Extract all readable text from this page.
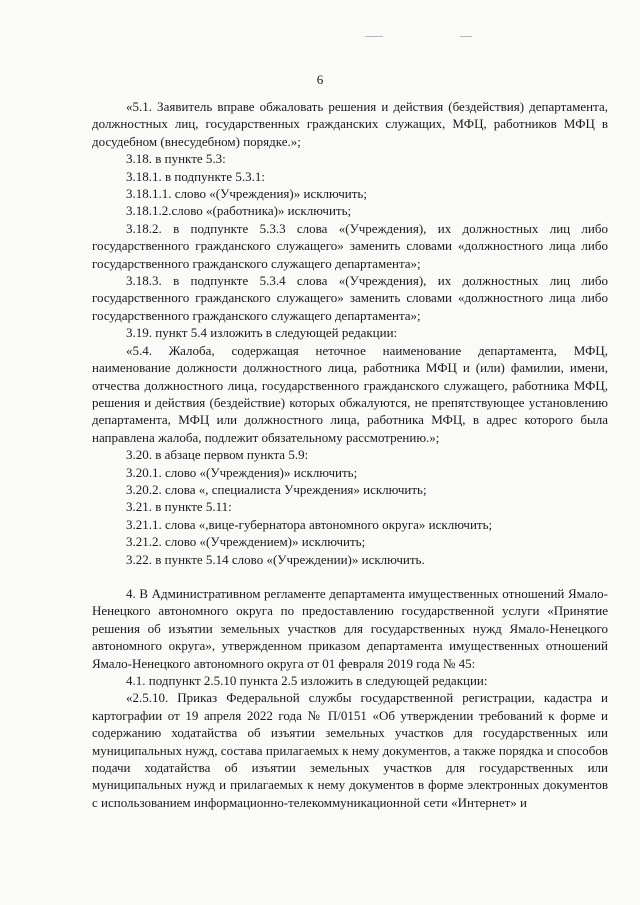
6

«5.1. Заявитель вправе обжаловать решения и действия (бездействия) департамента, должностных лиц, государственных гражданских служащих, МФЦ, работников МФЦ в досудебном (внесудебном) порядке.»;

3.18. в пункте 5.3:

3.18.1. в подпункте 5.3.1:

3.18.1.1. слово «(Учреждения)» исключить;

3.18.1.2.слово «(работника)» исключить;

3.18.2. в подпункте 5.3.3 слова «(Учреждения), их должностных лиц либо государственного гражданского служащего» заменить словами «должностного лица либо государственного гражданского служащего департамента»;

3.18.3. в подпункте 5.3.4 слова «(Учреждения), их должностных лиц либо государственного гражданского служащего» заменить словами «должностного лица либо государственного гражданского служащего департамента»;

3.19. пункт 5.4 изложить в следующей редакции:

«5.4. Жалоба, содержащая неточное наименование департамента, МФЦ, наименование должности должностного лица, работника МФЦ и (или) фамилии, имени, отчества должностного лица, государственного гражданского служащего, работника МФЦ, решения и действия (бездействие) которых обжалуются, не препятствующее установлению департамента, МФЦ или должностного лица, работника МФЦ, в адрес которого была направлена жалоба, подлежит обязательному рассмотрению.»;

3.20. в абзаце первом пункта 5.9:

3.20.1. слово «(Учреждения)» исключить;

3.20.2. слова «, специалиста Учреждения» исключить;

3.21. в пункте 5.11:

3.21.1. слова «,вице-губернатора автономного округа» исключить;

3.21.2. слово «(Учреждением)» исключить;

3.22. в пункте 5.14 слово «(Учреждении)» исключить.

4. В Административном регламенте департамента имущественных отношений Ямало-Ненецкого автономного округа по предоставлению государственной услуги «Принятие решения об изъятии земельных участков для государственных нужд Ямало-Ненецкого автономного округа», утвержденном приказом департамента имущественных отношений Ямало-Ненецкого автономного округа от 01 февраля 2019 года № 45:

4.1. подпункт 2.5.10 пункта 2.5 изложить в следующей редакции:

«2.5.10. Приказ Федеральной службы государственной регистрации, кадастра и картографии от 19 апреля 2022 года № П/0151 «Об утверждении требований к форме и содержанию ходатайства об изъятии земельных участков для государственных или муниципальных нужд, состава прилагаемых к нему документов, а также порядка и способов подачи ходатайства об изъятии земельных участков для государственных или муниципальных нужд и прилагаемых к нему документов в форме электронных документов с использованием информационно-телекоммуникационной сети «Интернет» и
